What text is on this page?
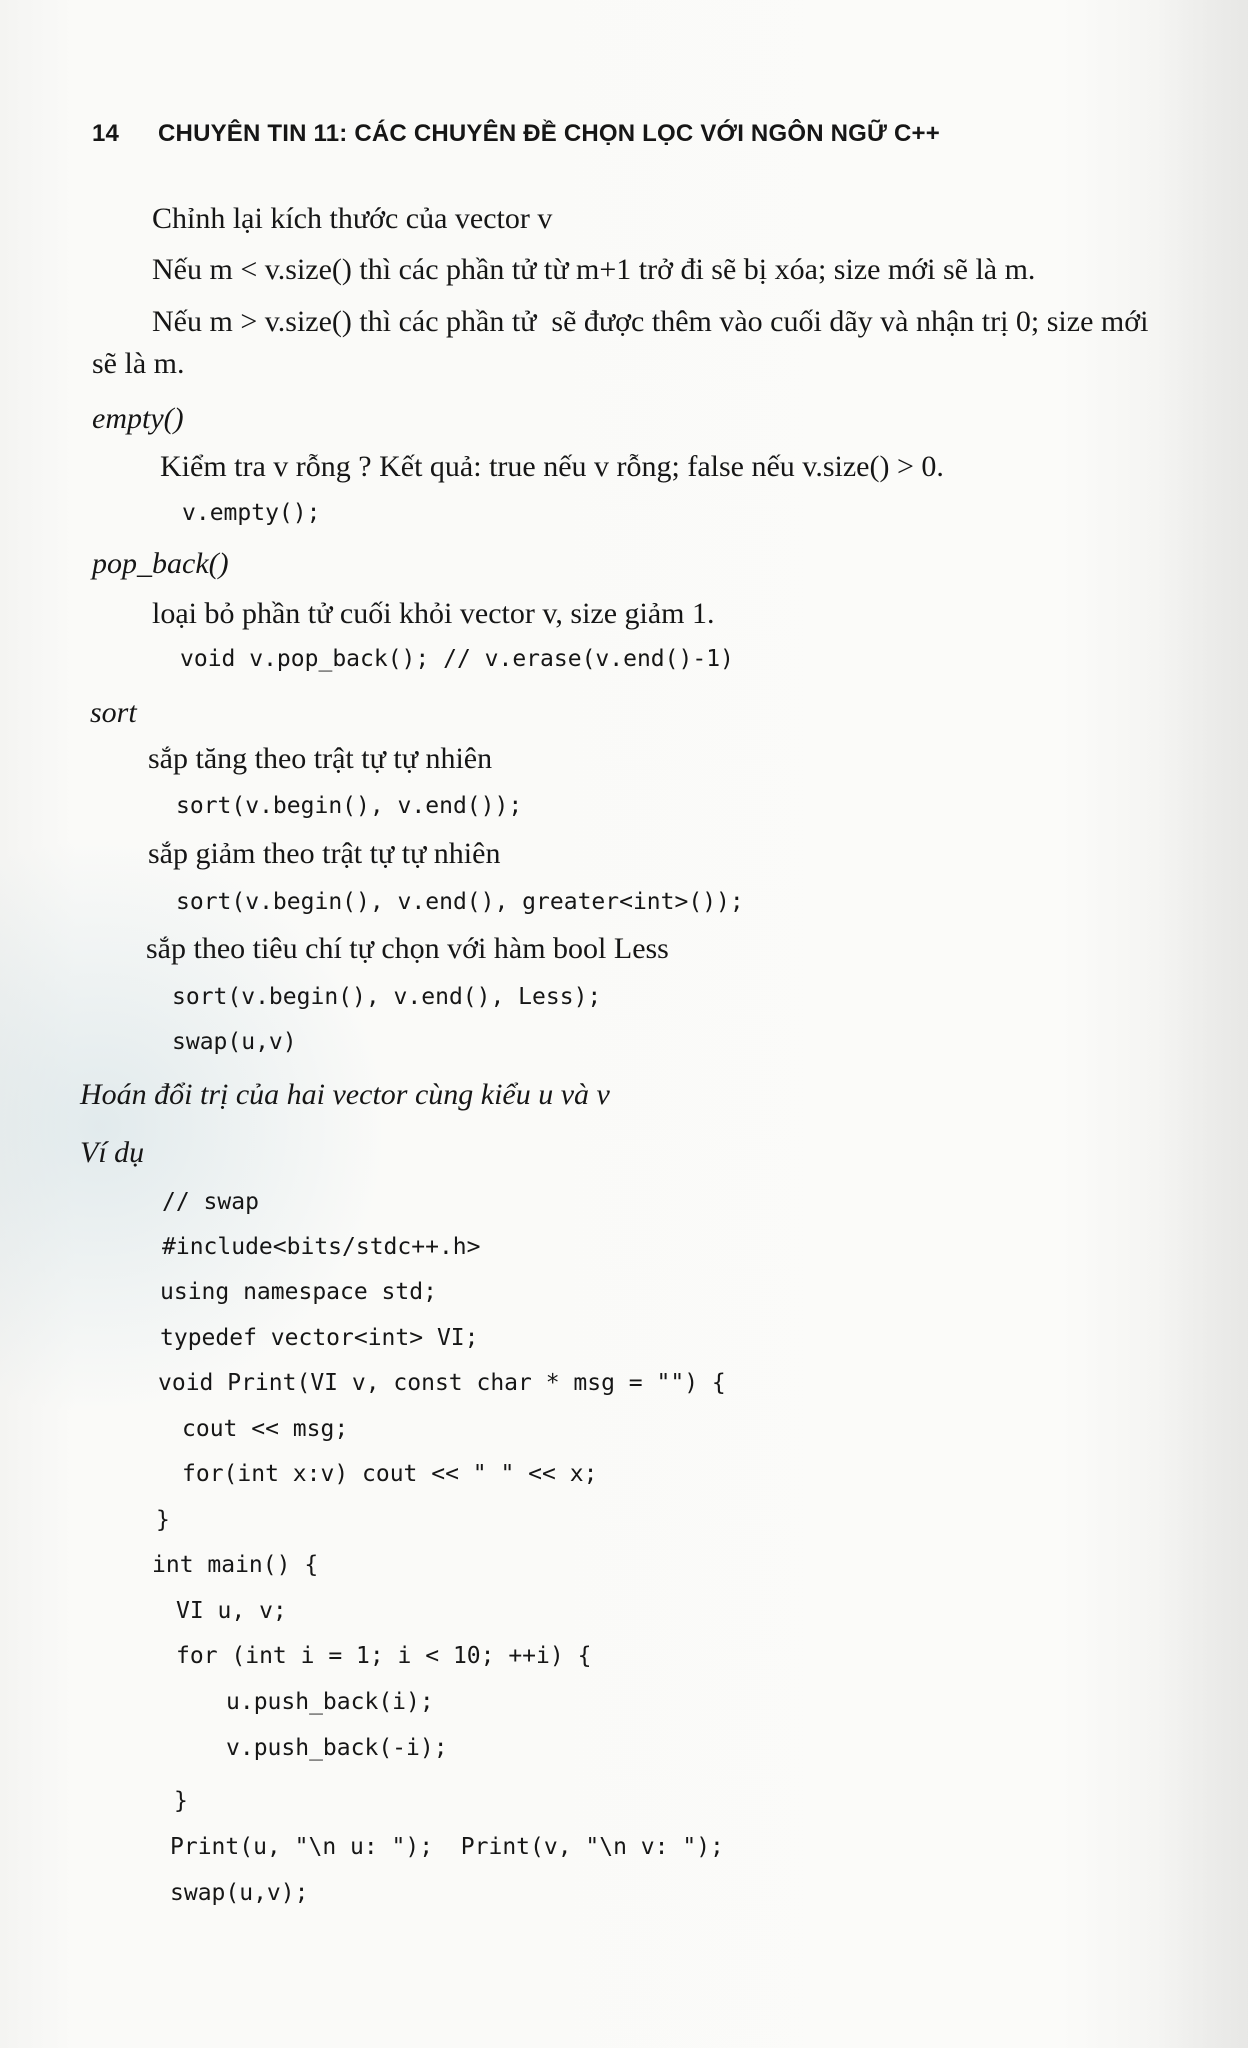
14 CHUYÊN TIN 11: CÁC CHUYÊN ĐỀ CHỌN LỌC VỚI NGÔN NGỮ C++
Chỉnh lại kích thước của vector v
Nếu m < v.size() thì các phần tử từ m+1 trở đi sẽ bị xóa; size mới sẽ là m.
Nếu m > v.size() thì các phần tử  sẽ được thêm vào cuối dãy và nhận trị 0; size mới
sẽ là m.
empty()
Kiểm tra v rỗng ? Kết quả: true nếu v rỗng; false nếu v.size() > 0.
v.empty();
pop_back()
loại bỏ phần tử cuối khỏi vector v, size giảm 1.
void v.pop_back(); // v.erase(v.end()-1)
sort
sắp tăng theo trật tự tự nhiên
sort(v.begin(), v.end());
sắp giảm theo trật tự tự nhiên
sort(v.begin(), v.end(), greater<int>());
sắp theo tiêu chí tự chọn với hàm bool Less
sort(v.begin(), v.end(), Less);
swap(u,v)
Hoán đổi trị của hai vector cùng kiểu u và v
Ví dụ
// swap
#include<bits/stdc++.h>
using namespace std;
typedef vector<int> VI;
void Print(VI v, const char * msg = "") {
cout << msg;
for(int x:v) cout << " " << x;
}
int main() {
VI u, v;
for (int i = 1; i < 10; ++i) {
u.push_back(i);
v.push_back(-i);
}
Print(u, "\n u: ");  Print(v, "\n v: ");
swap(u,v);
